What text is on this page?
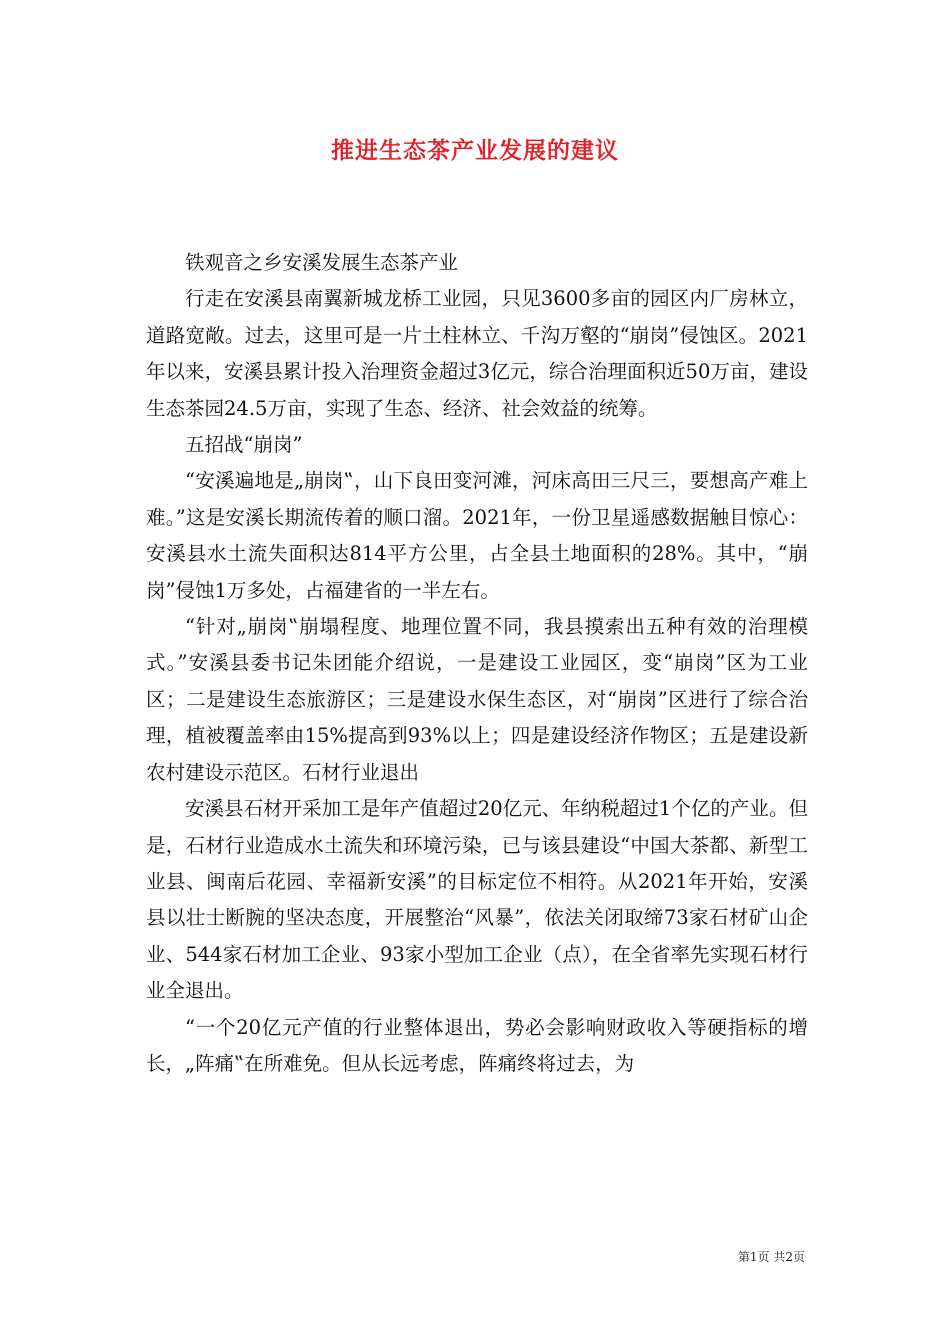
推进生态茶产业发展的建议

铁观音之乡安溪发展生态茶产业

行走在安溪县南翼新城龙桥工业园，只见3600多亩的园区内厂房林立，道路宽敞。过去，这里可是一片土柱林立、千沟万壑的“崩岗”侵蚀区。2021年以来，安溪县累计投入治理资金超过3亿元，综合治理面积近50万亩，建设生态茶园24.5万亩，实现了生态、经济、社会效益的统筹。

五招战“崩岗”

“安溪遍地是„崩岗‟，山下良田变河滩，河床高田三尺三，要想高产难上难。”这是安溪长期流传着的顺口溜。2021年，一份卫星遥感数据触目惊心：安溪县水土流失面积达814平方公里，占全县土地面积的28%。其中，“崩岗”侵蚀1万多处，占福建省的一半左右。

“针对„崩岗‟崩塌程度、地理位置不同，我县摸索出五种有效的治理模式。”安溪县委书记朱团能介绍说，一是建设工业园区，变“崩岗”区为工业区；二是建设生态旅游区；三是建设水保生态区，对“崩岗”区进行了综合治理，植被覆盖率由15%提高到93%以上；四是建设经济作物区；五是建设新农村建设示范区。石材行业退出

安溪县石材开采加工是年产值超过20亿元、年纳税超过1个亿的产业。但是，石材行业造成水土流失和环境污染，已与该县建设“中国大茶都、新型工业县、闽南后花园、幸福新安溪”的目标定位不相符。从2021年开始，安溪县以壮士断腕的坚决态度，开展整治“风暴”，依法关闭取缔73家石材矿山企业、544家石材加工企业、93家小型加工企业（点），在全省率先实现石材行业全退出。

“一个20亿元产值的行业整体退出，势必会影响财政收入等硬指标的增长，„阵痛‟在所难免。但从长远考虑，阵痛终将过去，为

第1页 共2页
